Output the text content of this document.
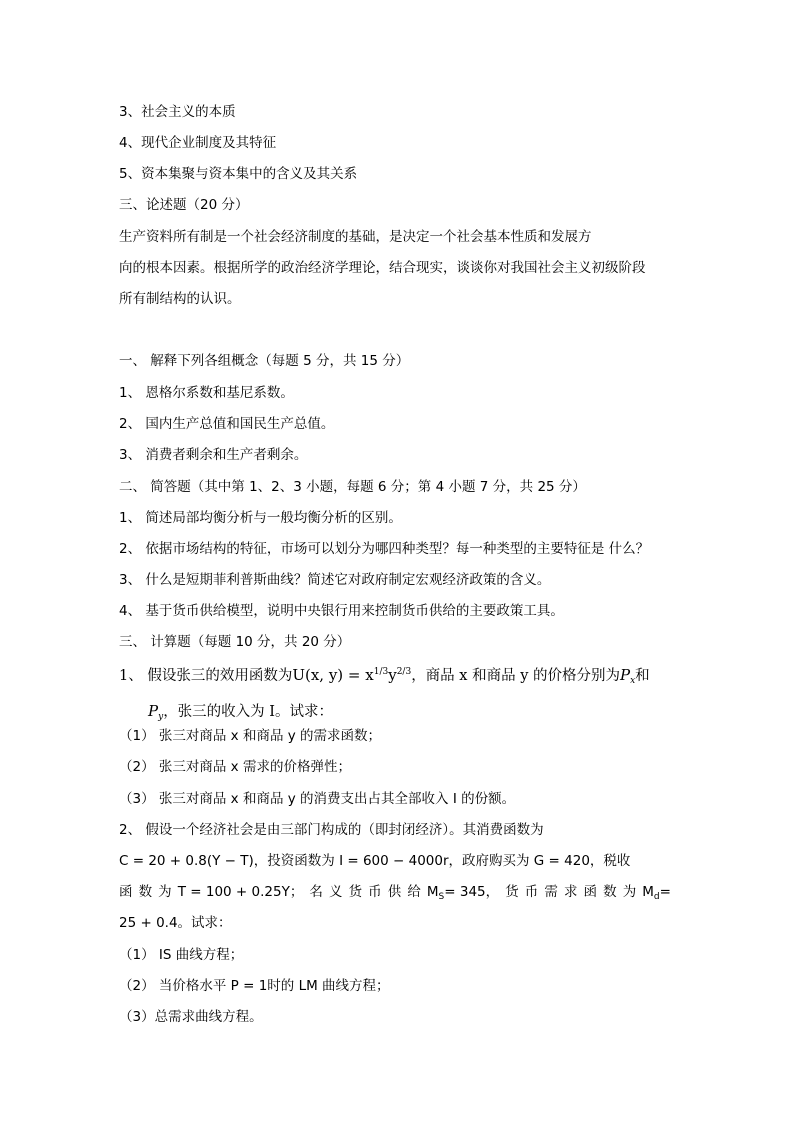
3、社会主义的本质
4、现代企业制度及其特征
5、资本集聚与资本集中的含义及其关系
三、论述题（20 分）
生产资料所有制是一个社会经济制度的基础，是决定一个社会基本性质和发展方
向的根本因素。根据所学的政治经济学理论，结合现实，谈谈你对我国社会主义初级阶段
所有制结构的认识。
一、 解释下列各组概念（每题 5 分，共 15 分）
1、 恩格尔系数和基尼系数。
2、 国内生产总值和国民生产总值。
3、 消费者剩余和生产者剩余。
二、 简答题（其中第 1、2、3 小题，每题 6 分；第 4 小题 7 分，共 25 分）
1、 简述局部均衡分析与一般均衡分析的区别。
2、 依据市场结构的特征，市场可以划分为哪四种类型？每一种类型的主要特征是 什么？
3、 什么是短期菲利普斯曲线？简述它对政府制定宏观经济政策的含义。
4、 基于货币供给模型，说明中央银行用来控制货币供给的主要政策工具。
三、 计算题（每题 10 分，共 20 分）
1、 假设张三的效用函数为U(x, $y) = x^{1/3}y^{2/3}$，商品 x 和商品 y 的价格分别为$P_x$和
$P_y$，张三的收入为 I。试求：
（1） 张三对商品 x 和商品 y 的需求函数；
（2） 张三对商品 x 需求的价格弹性；
（3） 张三对商品 x 和商品 y 的消费支出占其全部收入 I 的份额。
2、 假设一个经济社会是由三部门构成的（即封闭经济）。其消费函数为
C = 20 + 0.8(Y − T)，投资函数为 I = 600 − 4000r，政府购买为 G = 420，税收
函 数 为 T = 100 + 0.25Y； 名 义 货 币 供 给 $M_S= 345$， 货 币 需 求 函 数 为 $M_d=$
25 + 0.4。试求：
（1） IS 曲线方程；
（2） 当价格水平 P = 1时的 LM 曲线方程；
（3）总需求曲线方程。
